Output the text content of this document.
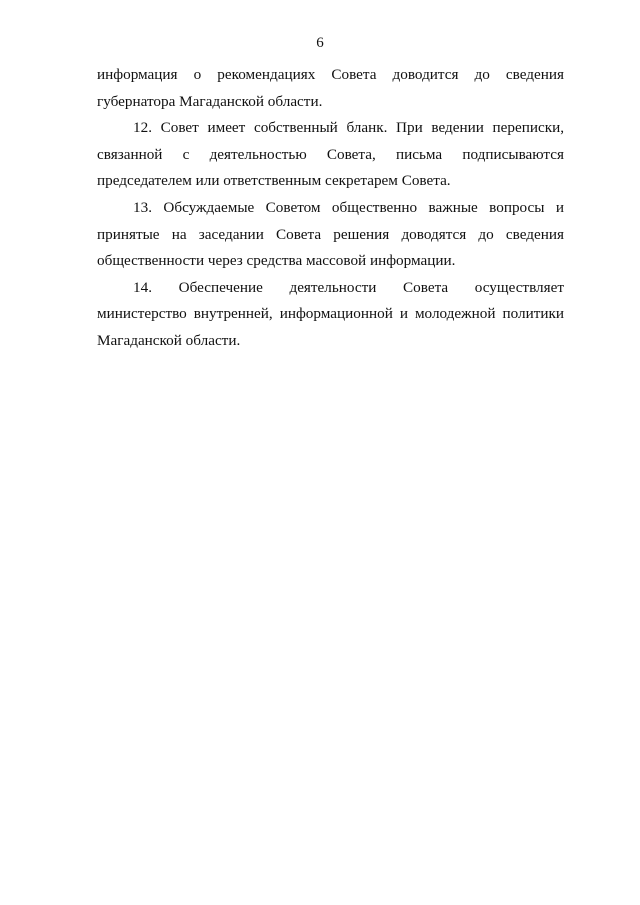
6

информация о рекомендациях Совета доводится до сведения губернатора Магаданской области.

12. Совет имеет собственный бланк. При ведении переписки, связанной с деятельностью Совета, письма подписываются председателем или ответственным секретарем Совета.

13. Обсуждаемые Советом общественно важные вопросы и принятые на заседании Совета решения доводятся до сведения общественности через средства массовой информации.

14. Обеспечение деятельности Совета осуществляет министерство внутренней, информационной и молодежной политики Магаданской области.
